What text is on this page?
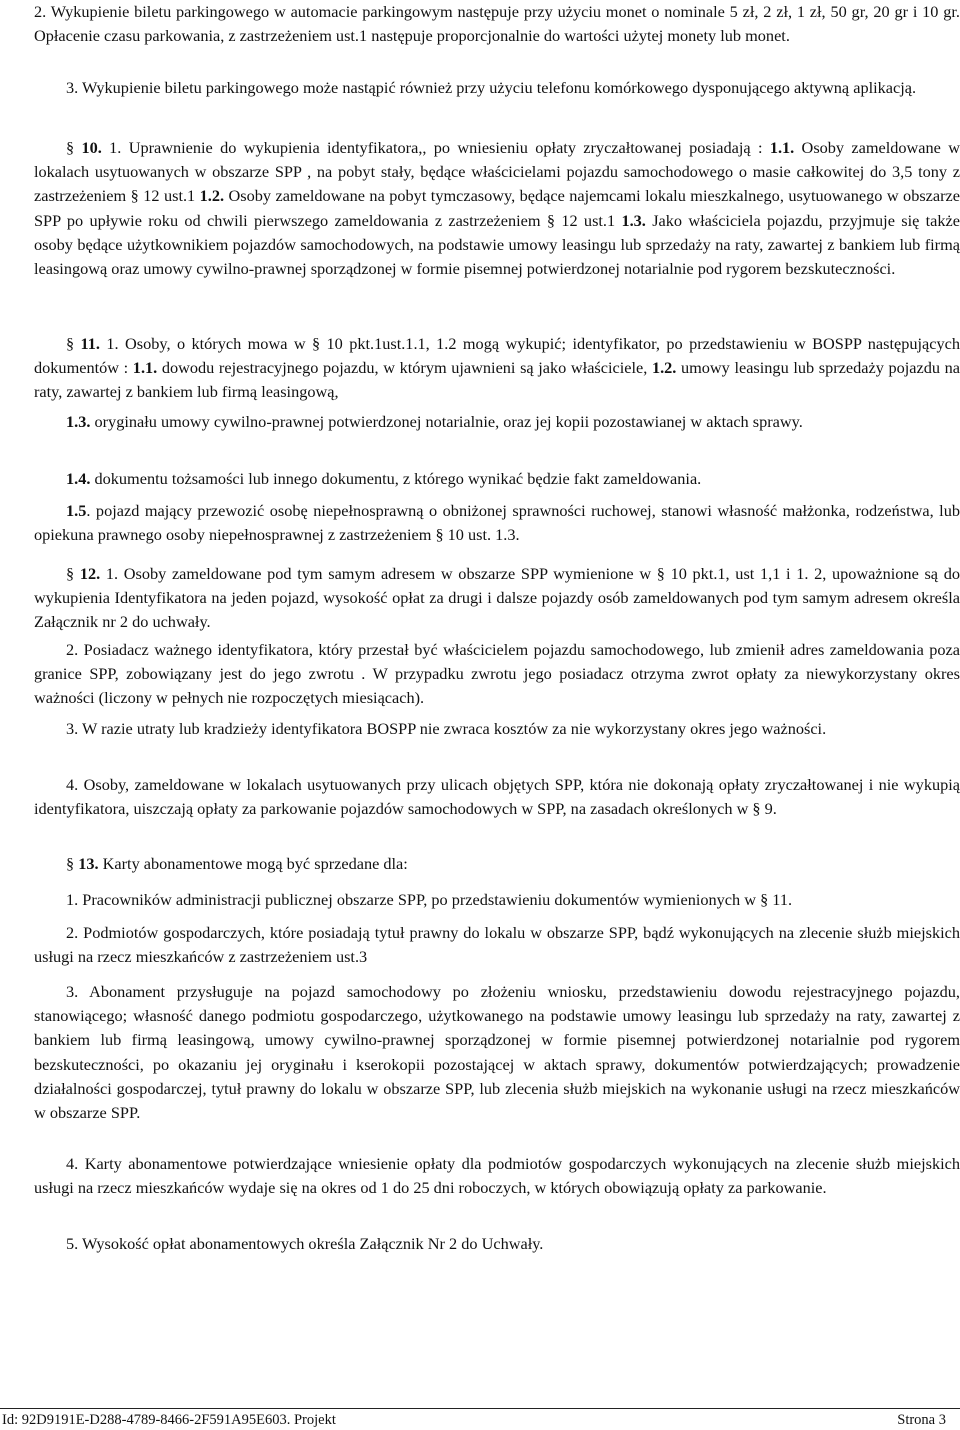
2. Wykupienie biletu parkingowego w automacie parkingowym następuje przy użyciu monet o nominale 5 zł, 2 zł, 1 zł, 50 gr, 20 gr i 10 gr. Opłacenie czasu parkowania, z zastrzeżeniem ust.1 następuje proporcjonalnie do wartości użytej monety lub monet.

3. Wykupienie biletu parkingowego może nastąpić również przy użyciu telefonu komórkowego dysponującego aktywną aplikacją.

§ 10. 1. Uprawnienie do wykupienia identyfikatora,, po wniesieniu opłaty zryczałtowanej posiadają : 1.1. Osoby zameldowane w lokalach usytuowanych w obszarze SPP , na pobyt stały, będące właścicielami pojazdu samochodowego o masie całkowitej do 3,5 tony z zastrzeżeniem § 12 ust.1 1.2. Osoby zameldowane na pobyt tymczasowy, będące najemcami lokalu mieszkalnego, usytuowanego w obszarze SPP po upływie roku od chwili pierwszego zameldowania z zastrzeżeniem § 12 ust.1 1.3. Jako właściciela pojazdu, przyjmuje się także osoby będące użytkownikiem pojazdów samochodowych, na podstawie umowy leasingu lub sprzedaży na raty, zawartej z bankiem lub firmą leasingową oraz umowy cywilno-prawnej sporządzonej w formie pisemnej potwierdzonej notarialnie pod rygorem bezskuteczności.

§ 11. 1. Osoby, o których mowa w § 10 pkt.1ust.1.1, 1.2 mogą wykupić; identyfikator, po przedstawieniu w BOSPP następujących dokumentów : 1.1. dowodu rejestracyjnego pojazdu, w którym ujawnieni są jako właściciele, 1.2. umowy leasingu lub sprzedaży pojazdu na raty, zawartej z bankiem lub firmą leasingową,

1.3. oryginału umowy cywilno-prawnej potwierdzonej notarialnie, oraz jej kopii pozostawianej w aktach sprawy.

1.4. dokumentu tożsamości lub innego dokumentu, z którego wynikać będzie fakt zameldowania.

1.5. pojazd mający przewozić osobę niepełnosprawną o obniżonej sprawności ruchowej, stanowi własność małżonka, rodzeństwa, lub opiekuna prawnego osoby niepełnosprawnej z zastrzeżeniem § 10 ust. 1.3.

§ 12. 1. Osoby zameldowane pod tym samym adresem w obszarze SPP wymienione w § 10 pkt.1, ust 1,1 i 1. 2, upoważnione są do wykupienia Identyfikatora na jeden pojazd, wysokość opłat za drugi i dalsze pojazdy osób zameldowanych pod tym samym adresem określa Załącznik nr 2 do uchwały.

2. Posiadacz ważnego identyfikatora, który przestał być właścicielem pojazdu samochodowego, lub zmienił adres zameldowania poza granice SPP, zobowiązany jest do jego zwrotu . W przypadku zwrotu jego posiadacz otrzyma zwrot opłaty za niewykorzystany okres ważności (liczony w pełnych nie rozpoczętych miesiącach).

3. W razie utraty lub kradzieży identyfikatora BOSPP nie zwraca kosztów za nie wykorzystany okres jego ważności.

4. Osoby, zameldowane w lokalach usytuowanych przy ulicach objętych SPP, która nie dokonają opłaty zryczałtowanej i nie wykupią identyfikatora, uiszczają opłaty za parkowanie pojazdów samochodowych w SPP, na zasadach określonych w § 9.

§ 13. Karty abonamentowe mogą być sprzedane dla:

1. Pracowników administracji publicznej obszarze SPP, po przedstawieniu dokumentów wymienionych w § 11.

2. Podmiotów gospodarczych, które posiadają tytuł prawny do lokalu w obszarze SPP, bądź wykonujących na zlecenie służb miejskich usługi na rzecz mieszkańców z zastrzeżeniem ust.3

3. Abonament przysługuje na pojazd samochodowy po złożeniu wniosku, przedstawieniu dowodu rejestracyjnego pojazdu, stanowiącego; własność danego podmiotu gospodarczego, użytkowanego na podstawie umowy leasingu lub sprzedaży na raty, zawartej z bankiem lub firmą leasingową, umowy cywilno-prawnej sporządzonej w formie pisemnej potwierdzonej notarialnie pod rygorem bezskuteczności, po okazaniu jej oryginału i kserokopii pozostającej w aktach sprawy, dokumentów potwierdzających; prowadzenie działalności gospodarczej, tytuł prawny do lokalu w obszarze SPP, lub zlecenia służb miejskich na wykonanie usługi na rzecz mieszkańców w obszarze SPP.

4. Karty abonamentowe potwierdzające wniesienie opłaty dla podmiotów gospodarczych wykonujących na zlecenie służb miejskich usługi na rzecz mieszkańców wydaje się na okres od 1 do 25 dni roboczych, w których obowiązują opłaty za parkowanie.

5. Wysokość opłat abonamentowych określa Załącznik Nr 2 do Uchwały.

Id: 92D9191E-D288-4789-8466-2F591A95E603. Projekt	Strona 3
